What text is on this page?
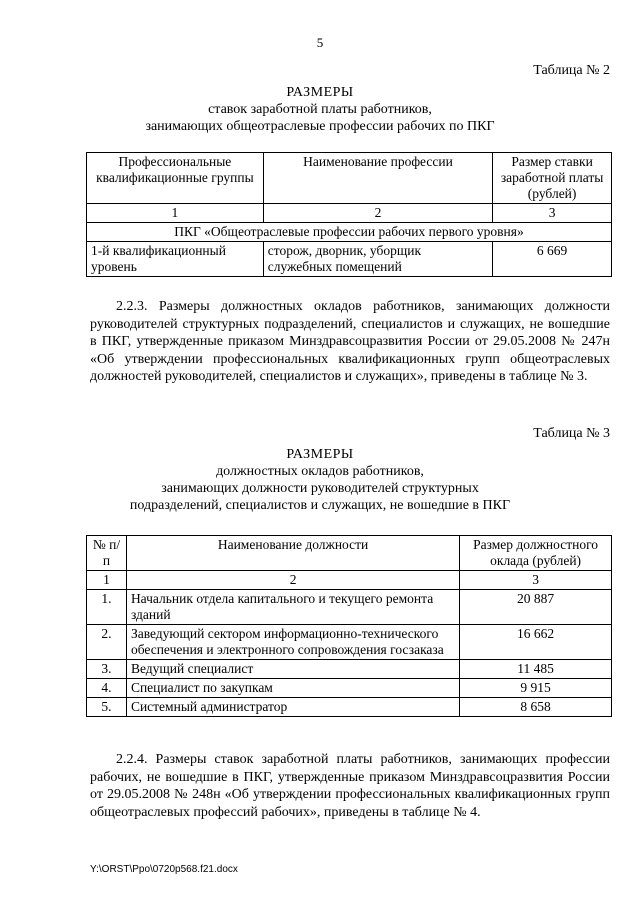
5
Таблица № 2
РАЗМЕРЫ
ставок заработной платы работников,
занимающих общеотраслевые профессии рабочих по ПКГ
Профессиональные квалификационные группы	Наименование профессии	Размер ставки заработной платы (рублей)
1	2	3
ПКГ «Общеотраслевые профессии рабочих первого уровня»		
1-й квалификационный уровень	сторож, дворник, уборщик служебных помещений	6 669
2.2.3. Размеры должностных окладов работников, занимающих должности руководителей структурных подразделений, специалистов и служащих, не вошедшие в ПКГ, утвержденные приказом Минздравсоцразвития России от 29.05.2008 № 247н «Об утверждении профессиональных квалификационных групп общеотраслевых должностей руководителей, специалистов и служащих», приведены в таблице № 3.
Таблица № 3
РАЗМЕРЫ
должностных окладов работников,
занимающих должности руководителей структурных
подразделений, специалистов и служащих, не вошедшие в ПКГ
№ п/п	Наименование должности	Размер должностного оклада (рублей)
1	2	3
1.	Начальник отдела капитального и текущего ремонта зданий	20 887
2.	Заведующий сектором информационно-технического обеспечения и электронного сопровождения госзаказа	16 662
3.	Ведущий специалист	11 485
4.	Специалист по закупкам	9 915
5.	Системный администратор	8 658
2.2.4. Размеры ставок заработной платы работников, занимающих профессии рабочих, не вошедшие в ПКГ, утвержденные приказом Минздравсоцразвития России от 29.05.2008 № 248н «Об утверждении профессиональных квалификационных групп общеотраслевых профессий рабочих», приведены в таблице № 4.
Y:\ORST\Ppo\0720p568.f21.docx
